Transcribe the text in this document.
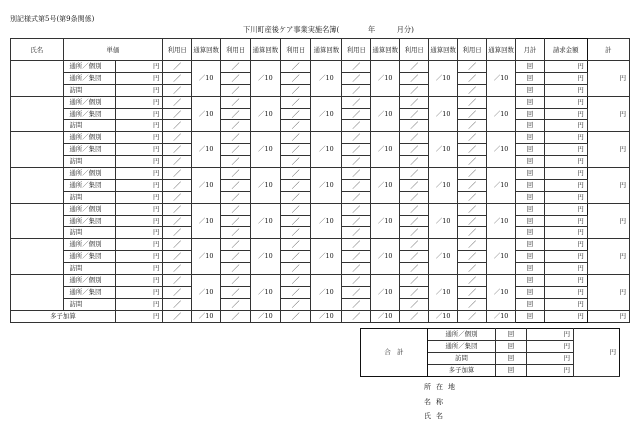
別記様式第5号(第9条関係)
下川町産後ケア事業実施名簿(　　　　年　　　月分)
氏名	単価		利用日	通算回数	利用日	通算回数	利用日	通算回数	利用日	通算回数	利用日	通算回数	利用日	通算回数	月計	請求金額	計
	通所／個別	円	／	／10	／	／10	／	／10	／	／10	／	／10	／	／10	回	円	円
	通所／集団	円	／		／		／		／		／		／		回	円	
	訪問	円	／		／		／		／		／		／		回	円	
	通所／個別	円	／	／10	／	／10	／	／10	／	／10	／	／10	／	／10	回	円	円
	通所／集団	円	／		／		／		／		／		／		回	円	
	訪問	円	／		／		／		／		／		／		回	円	
	通所／個別	円	／	／10	／	／10	／	／10	／	／10	／	／10	／	／10	回	円	円
	通所／集団	円	／		／		／		／		／		／		回	円	
	訪問	円	／		／		／		／		／		／		回	円	
	通所／個別	円	／	／10	／	／10	／	／10	／	／10	／	／10	／	／10	回	円	円
	通所／集団	円	／		／		／		／		／		／		回	円	
	訪問	円	／		／		／		／		／		／		回	円	
	通所／個別	円	／	／10	／	／10	／	／10	／	／10	／	／10	／	／10	回	円	円
	通所／集団	円	／		／		／		／		／		／		回	円	
	訪問	円	／		／		／		／		／		／		回	円	
	通所／個別	円	／	／10	／	／10	／	／10	／	／10	／	／10	／	／10	回	円	円
	通所／集団	円	／		／		／		／		／		／		回	円	
	訪問	円	／		／		／		／		／		／		回	円	
	通所／個別	円	／	／10	／	／10	／	／10	／	／10	／	／10	／	／10	回	円	円
	通所／集団	円	／		／		／		／		／		／		回	円	
	訪問	円	／		／		／		／		／		／		回	円	
多子加算		円	／	／10	／	／10	／	／10	／	／10	／	／10	／	／10	回	円	円
合　計	通所／個別	回	円	円
	通所／集団	回	円	
	訪問	回	円	
	多子加算	回	円	
所在地
名称
氏名
